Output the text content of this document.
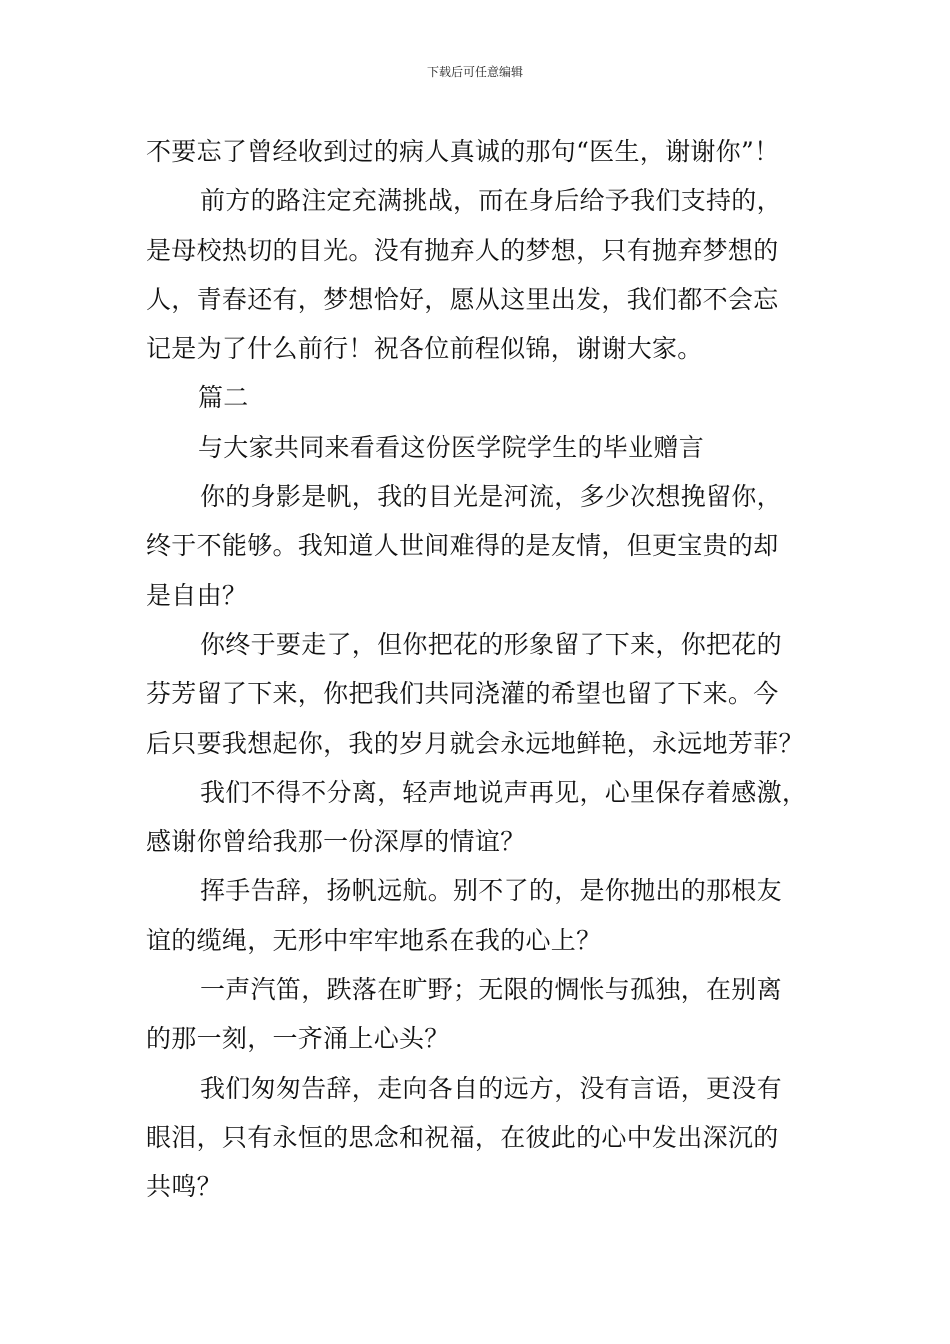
下载后可任意编辑
不要忘了曾经收到过的病人真诚的那句“医生，谢谢你”！
前方的路注定充满挑战，而在身后给予我们支持的，
是母校热切的目光。没有抛弃人的梦想，只有抛弃梦想的
人，青春还有，梦想恰好，愿从这里出发，我们都不会忘
记是为了什么前行！祝各位前程似锦，谢谢大家。
篇二
与大家共同来看看这份医学院学生的毕业赠言
你的身影是帆，我的目光是河流，多少次想挽留你，
终于不能够。我知道人世间难得的是友情，但更宝贵的却
是自由？
你终于要走了，但你把花的形象留了下来，你把花的
芬芳留了下来，你把我们共同浇灌的希望也留了下来。今
后只要我想起你，我的岁月就会永远地鲜艳，永远地芳菲？
我们不得不分离，轻声地说声再见，心里保存着感激，
感谢你曾给我那一份深厚的情谊？
挥手告辞，扬帆远航。别不了的，是你抛出的那根友
谊的缆绳，无形中牢牢地系在我的心上？
一声汽笛，跌落在旷野；无限的惆怅与孤独，在别离
的那一刻，一齐涌上心头？
我们匆匆告辞，走向各自的远方，没有言语，更没有
眼泪，只有永恒的思念和祝福，在彼此的心中发出深沉的
共鸣？
